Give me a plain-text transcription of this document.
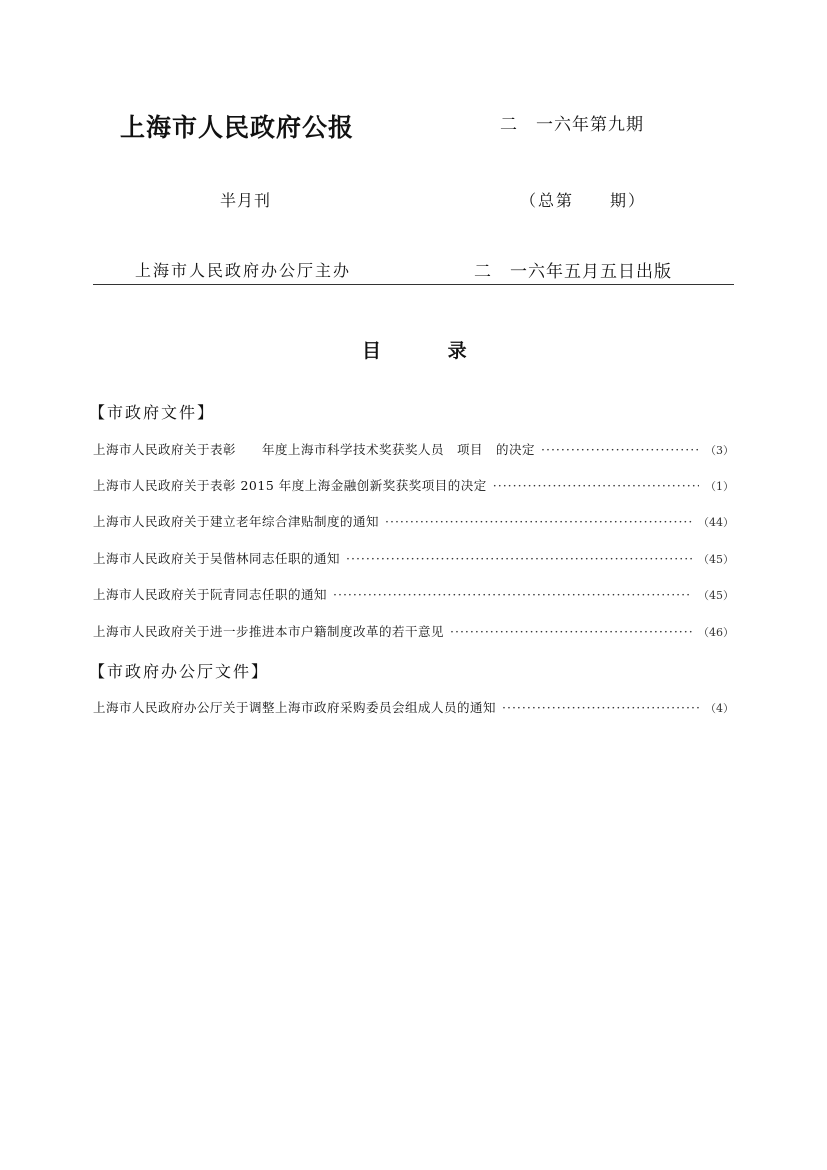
上海市人民政府公报	二　一六年第九期
半月刊	（总第　　期）
上海市人民政府办公厅主办	二　一六年五月五日出版
目 录
【市政府文件】
上海市人民政府关于表彰　　年度上海市科学技术奖获奖人员　项目　的决定 ·····	（3）
上海市人民政府关于表彰 2015 年度上海金融创新奖获奖项目的决定 ·····	（1）
上海市人民政府关于建立老年综合津贴制度的通知 ·····	（44）
上海市人民政府关于吴偕林同志任职的通知 ·····	（45）
上海市人民政府关于阮青同志任职的通知 ·····	（45）
上海市人民政府关于进一步推进本市户籍制度改革的若干意见 ·····	（46）
【市政府办公厅文件】
上海市人民政府办公厅关于调整上海市政府采购委员会组成人员的通知 ·····	（4）
